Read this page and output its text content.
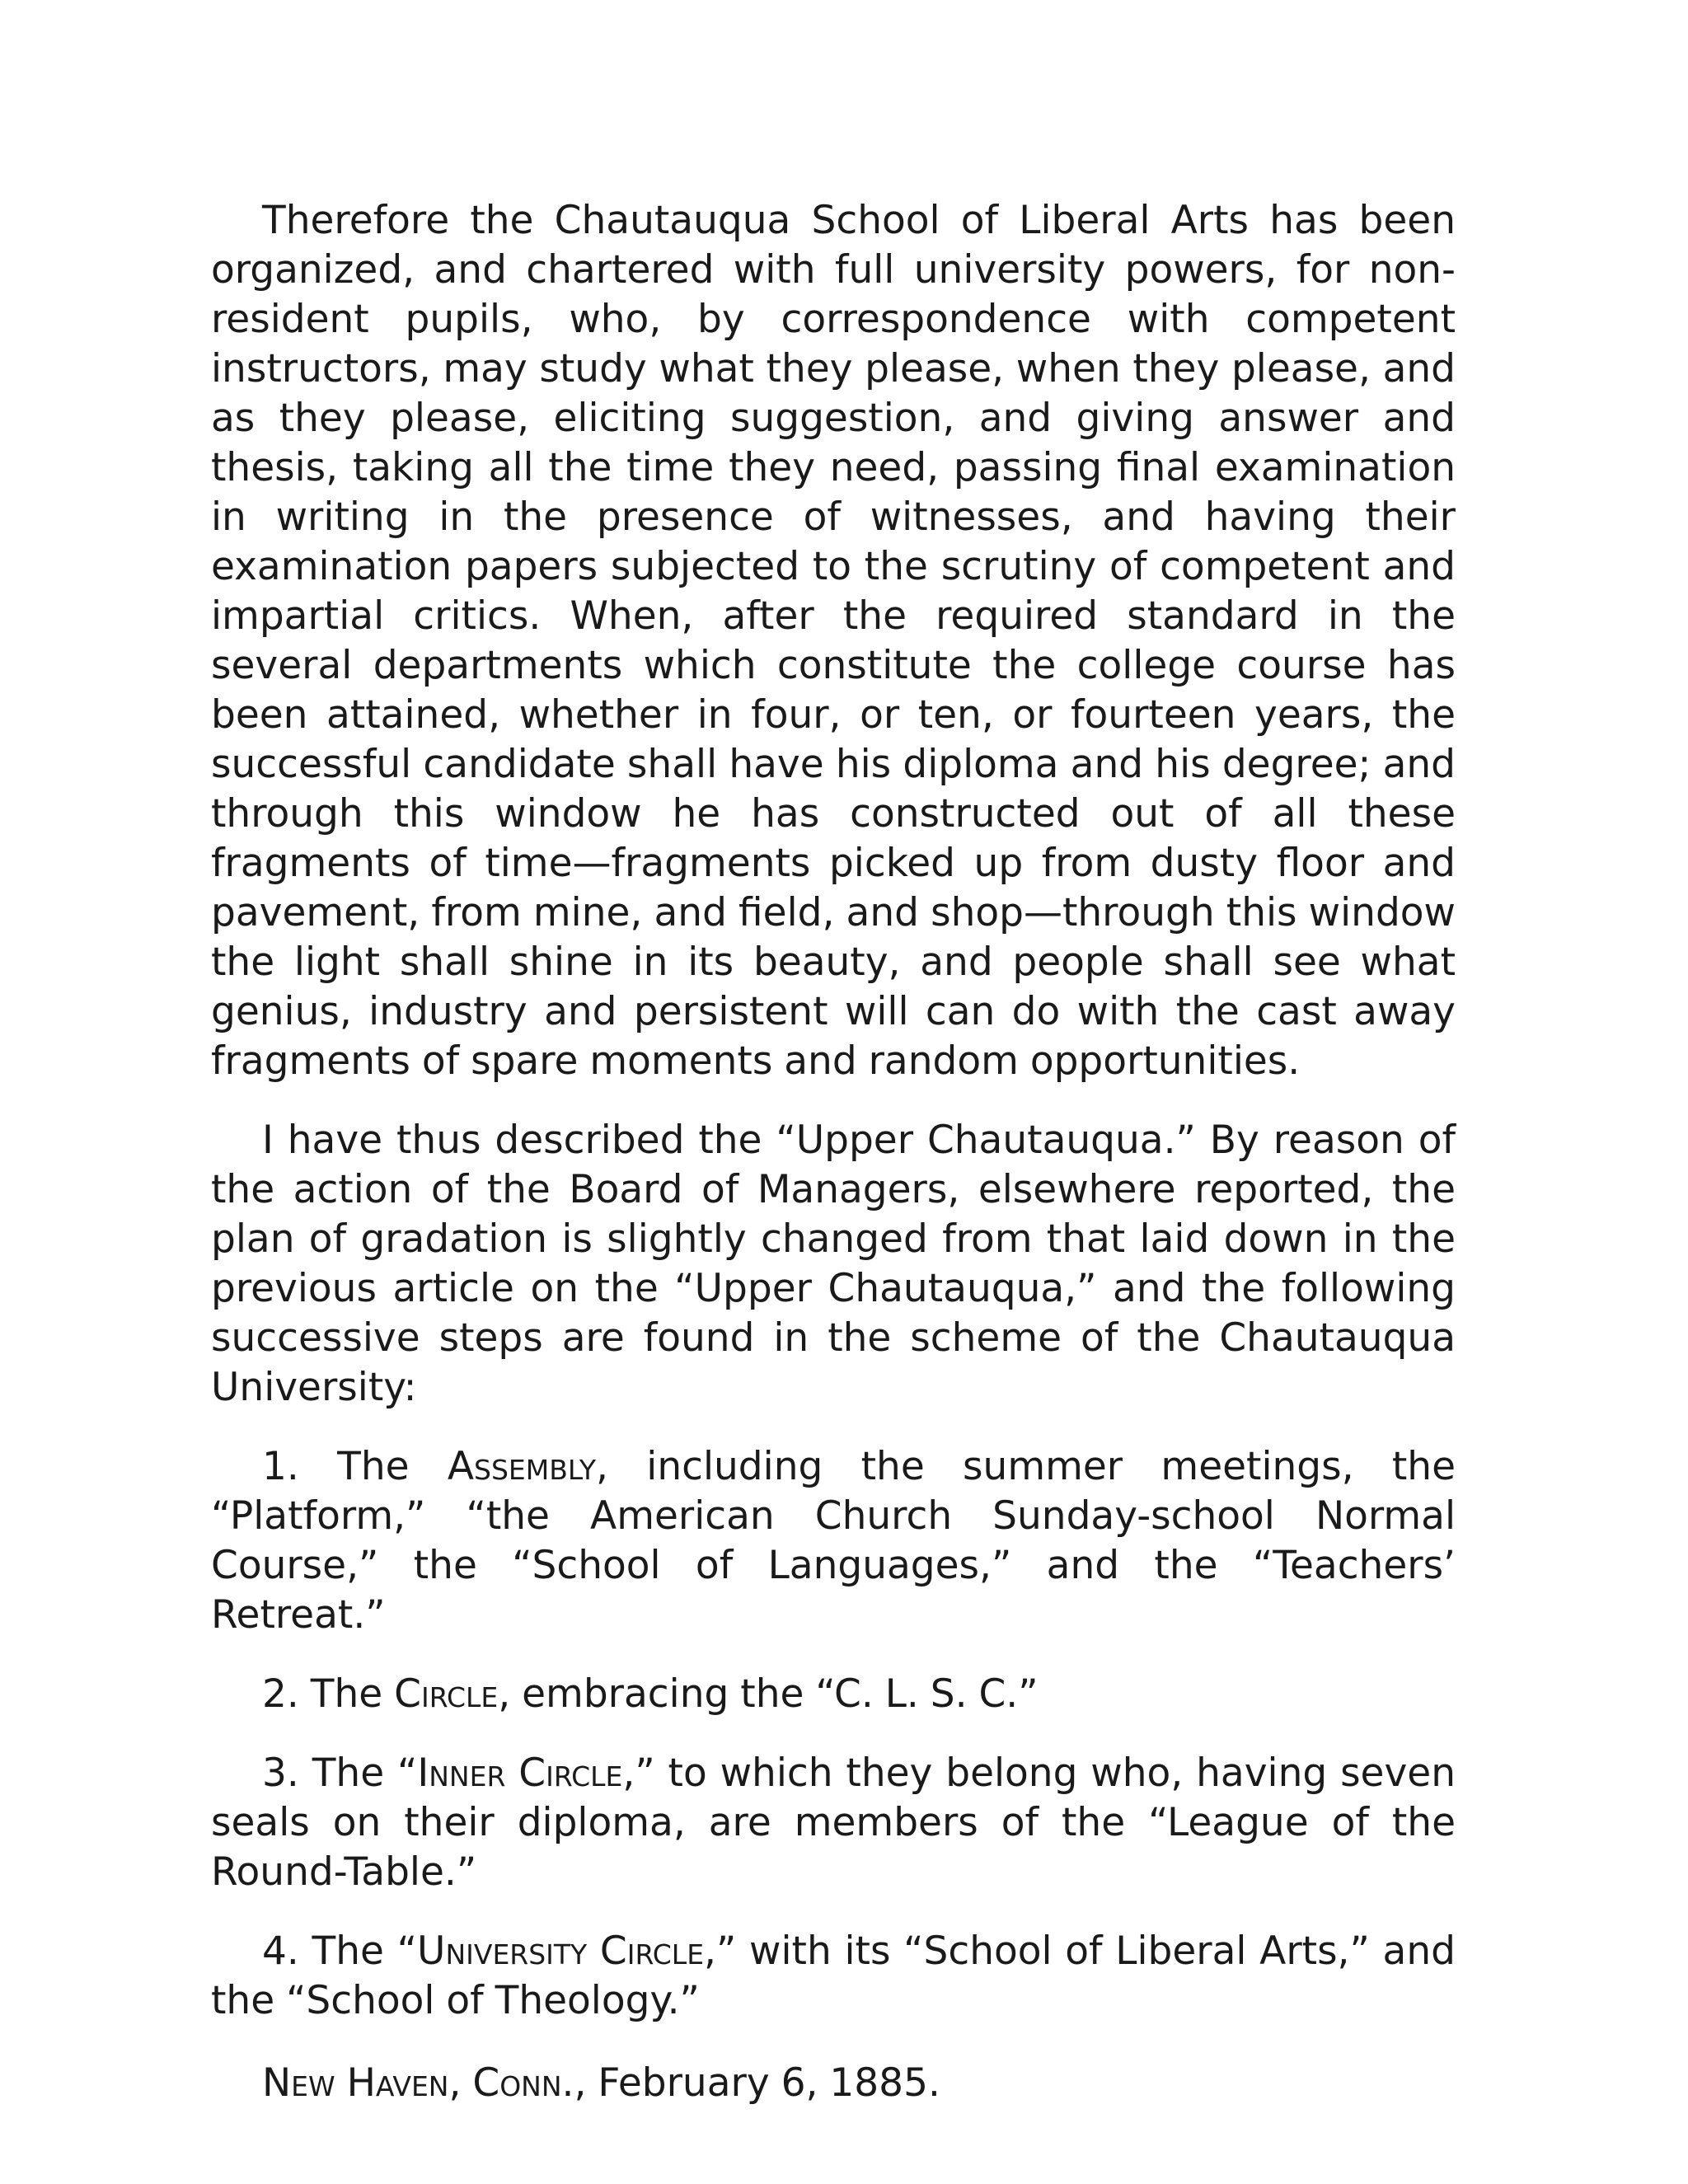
Therefore the Chautauqua School of Liberal Arts has been organized, and chartered with full university powers, for non-resident pupils, who, by correspondence with competent instructors, may study what they please, when they please, and as they please, eliciting suggestion, and giving answer and thesis, taking all the time they need, passing final examination in writing in the presence of witnesses, and having their examination papers subjected to the scrutiny of competent and impartial critics. When, after the required standard in the several departments which constitute the college course has been attained, whether in four, or ten, or fourteen years, the successful candidate shall have his diploma and his degree; and through this window he has constructed out of all these fragments of time—fragments picked up from dusty floor and pavement, from mine, and field, and shop—through this window the light shall shine in its beauty, and people shall see what genius, industry and persistent will can do with the cast away fragments of spare moments and random opportunities.

I have thus described the “Upper Chautauqua.” By reason of the action of the Board of Managers, elsewhere reported, the plan of gradation is slightly changed from that laid down in the previous article on the “Upper Chautauqua,” and the following successive steps are found in the scheme of the Chautauqua University:

1. The Assembly, including the summer meetings, the “Platform,” “the American Church Sunday-school Normal Course,” the “School of Languages,” and the “Teachers’ Retreat.”

2. The Circle, embracing the “C. L. S. C.”

3. The “Inner Circle,” to which they belong who, having seven seals on their diploma, are members of the “League of the Round-Table.”

4. The “University Circle,” with its “School of Liberal Arts,” and the “School of Theology.”

New Haven, Conn., February 6, 1885.
